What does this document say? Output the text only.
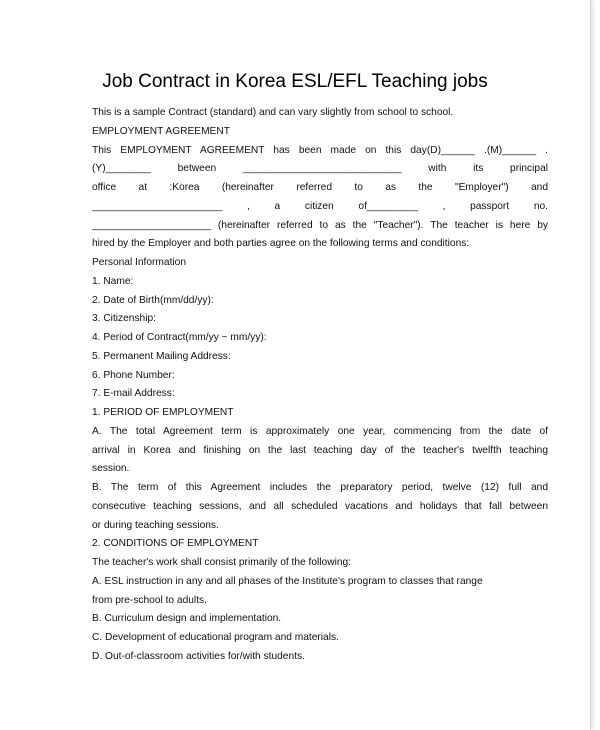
Job Contract in Korea ESL/EFL Teaching jobs
This is a sample Contract (standard) and can vary slightly from school to school.
EMPLOYMENT AGREEMENT
This EMPLOYMENT AGREEMENT has been made on this day(D)______ .(M)______ .
(Y)________ between ____________________________ with its principal
office at :Korea (hereinafter referred to as the "Employer") and
_______________________ , a citizen of_________ , passport no.
_____________________ (hereinafter referred to as the "Teacher"). The teacher is here by
hired by the Employer and both parties agree on the following terms and conditions:
Personal Information
1. Name:
2. Date of Birth(mm/dd/yy):
3. Citizenship:
4. Period of Contract(mm/yy ~ mm/yy):
5. Permanent Mailing Address:
6. Phone Number:
7. E-mail Address:
1. PERIOD OF EMPLOYMENT
A. The total Agreement term is approximately one year, commencing from the date of
arrival in Korea and finishing on the last teaching day of the teacher's twelfth teaching
session.
B. The term of this Agreement includes the preparatory period, twelve (12) full and
consecutive teaching sessions, and all scheduled vacations and holidays that fall between
or during teaching sessions.
2. CONDITIONS OF EMPLOYMENT
The teacher's work shall consist primarily of the following:
A. ESL instruction in any and all phases of the Institute's program to classes that range
from pre-school to adults.
B. Curriculum design and implementation.
C. Development of educational program and materials.
D. Out-of-classroom activities for/with students.
